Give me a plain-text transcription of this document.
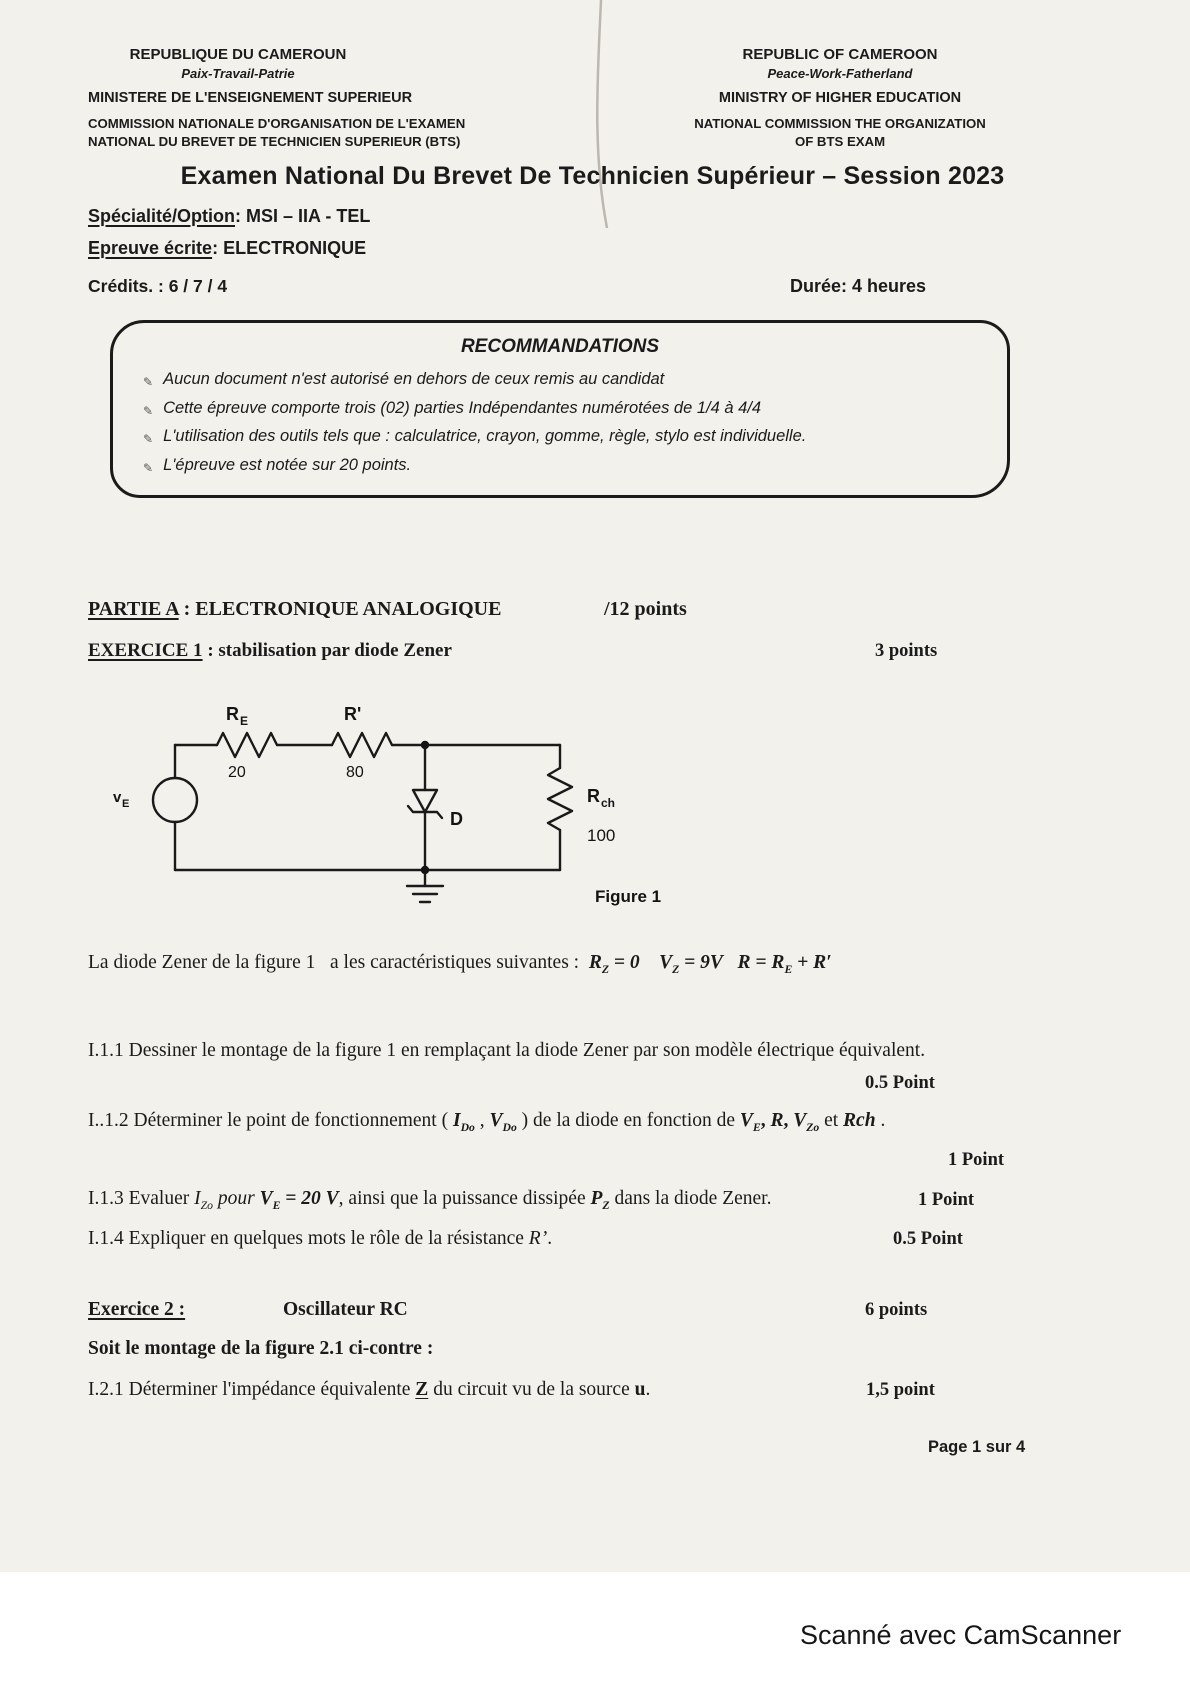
REPUBLIQUE DU CAMEROUN
Paix-Travail-Patrie
MINISTERE DE L'ENSEIGNEMENT SUPERIEUR
COMMISSION NATIONALE D'ORGANISATION DE L'EXAMEN
NATIONAL DU BREVET DE TECHNICIEN SUPERIEUR (BTS)
REPUBLIC OF CAMEROON
Peace-Work-Fatherland
MINISTRY OF HIGHER EDUCATION
NATIONAL COMMISSION THE ORGANIZATION
OF BTS EXAM
Examen National Du Brevet De Technicien Supérieur – Session 2023
Spécialité/Option: MSI – IIA - TEL
Epreuve écrite: ELECTRONIQUE
Crédits. : 6 / 7 / 4	Durée: 4 heures
RECOMMANDATIONS
✎ Aucun document n'est autorisé en dehors de ceux remis au candidat
✎ Cette épreuve comporte trois (02) parties Indépendantes numérotées de 1/4 à 4/4
✎ L'utilisation des outils tels que : calculatrice, crayon, gomme, règle, stylo est individuelle.
✎ L'épreuve est notée sur 20 points.
PARTIE A : ELECTRONIQUE ANALOGIQUE	/12 points
EXERCICE 1 : stabilisation par diode Zener	3 points
R E
20
R'
80
v E
D
R ch
100
Figure 1
La diode Zener de la figure 1   a les caractéristiques suivantes :  $R_Z = 0$ $V_Z = 9V$ $R = R_E + R'$
I.1.1 Dessiner le montage de la figure 1 en remplaçant la diode Zener par son modèle électrique équivalent.
0.5 Point
I..1.2 Déterminer le point de fonctionnement ( $I_{Do}$ , $V_{Do}$ ) de la diode en fonction de $V_E$, R, $V_{Zo}$ et Rch .
1 Point
I.1.3 Evaluer $I_{Zo}$ pour $V_E = 20$ V, ainsi que la puissance dissipée $P_Z$ dans la diode Zener.	1 Point
I.1.4 Expliquer en quelques mots le rôle de la résistance R’.	0.5 Point
Exercice 2 :	Oscillateur RC	6 points
Soit le montage de la figure 2.1 ci-contre :
I.2.1 Déterminer l'impédance équivalente Z du circuit vu de la source u.	1,5 point
Page 1 sur 4
Scanné avec CamScanner
